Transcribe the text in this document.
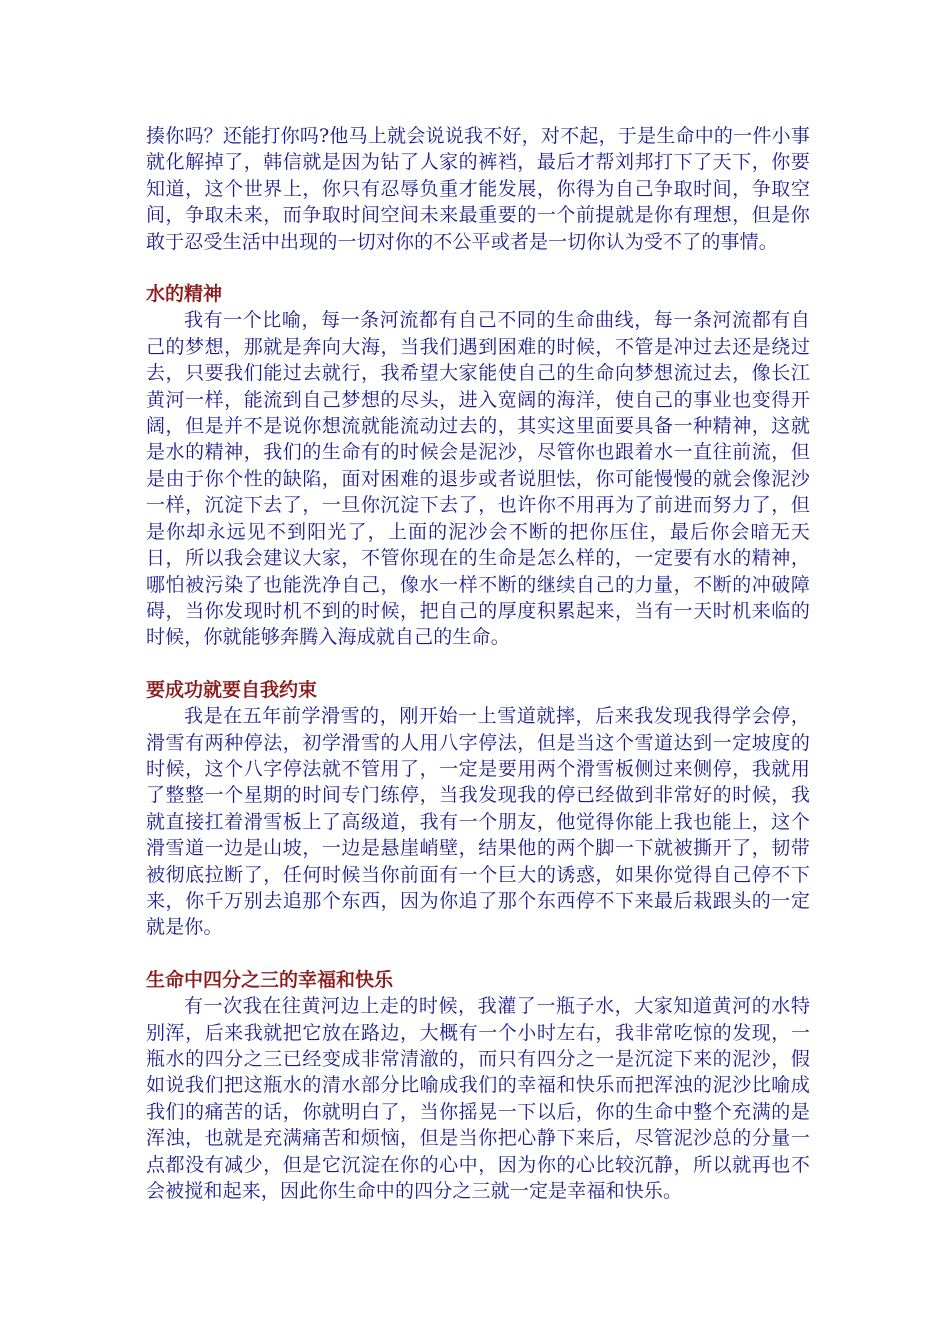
揍你吗？还能打你吗?他马上就会说说我不好，对不起，于是生命中的一件小事就化解掉了，韩信就是因为钻了人家的裤裆，最后才帮刘邦打下了天下，你要知道，这个世界上，你只有忍辱负重才能发展，你得为自己争取时间，争取空间，争取未来，而争取时间空间未来最重要的一个前提就是你有理想，但是你敢于忍受生活中出现的一切对你的不公平或者是一切你认为受不了的事情。

水的精神

我有一个比喻，每一条河流都有自己不同的生命曲线，每一条河流都有自己的梦想，那就是奔向大海，当我们遇到困难的时候，不管是冲过去还是绕过去，只要我们能过去就行，我希望大家能使自己的生命向梦想流过去，像长江黄河一样，能流到自己梦想的尽头，进入宽阔的海洋，使自己的事业也变得开阔，但是并不是说你想流就能流动过去的，其实这里面要具备一种精神，这就是水的精神，我们的生命有的时候会是泥沙，尽管你也跟着水一直往前流，但是由于你个性的缺陷，面对困难的退步或者说胆怯，你可能慢慢的就会像泥沙一样，沉淀下去了，一旦你沉淀下去了，也许你不用再为了前进而努力了，但是你却永远见不到阳光了，上面的泥沙会不断的把你压住，最后你会暗无天日，所以我会建议大家，不管你现在的生命是怎么样的，一定要有水的精神，哪怕被污染了也能洗净自己，像水一样不断的继续自己的力量，不断的冲破障碍，当你发现时机不到的时候，把自己的厚度积累起来，当有一天时机来临的时候，你就能够奔腾入海成就自己的生命。

要成功就要自我约束

我是在五年前学滑雪的，刚开始一上雪道就摔，后来我发现我得学会停，滑雪有两种停法，初学滑雪的人用八字停法，但是当这个雪道达到一定坡度的时候，这个八字停法就不管用了，一定是要用两个滑雪板侧过来侧停，我就用了整整一个星期的时间专门练停，当我发现我的停已经做到非常好的时候，我就直接扛着滑雪板上了高级道，我有一个朋友，他觉得你能上我也能上，这个滑雪道一边是山坡，一边是悬崖峭壁，结果他的两个脚一下就被撕开了，韧带被彻底拉断了，任何时候当你前面有一个巨大的诱惑，如果你觉得自己停不下来，你千万别去追那个东西，因为你追了那个东西停不下来最后栽跟头的一定就是你。

生命中四分之三的幸福和快乐

有一次我在往黄河边上走的时候，我灌了一瓶子水，大家知道黄河的水特别浑，后来我就把它放在路边，大概有一个小时左右，我非常吃惊的发现，一瓶水的四分之三已经变成非常清澈的，而只有四分之一是沉淀下来的泥沙，假如说我们把这瓶水的清水部分比喻成我们的幸福和快乐而把浑浊的泥沙比喻成我们的痛苦的话，你就明白了，当你摇晃一下以后，你的生命中整个充满的是浑浊，也就是充满痛苦和烦恼，但是当你把心静下来后，尽管泥沙总的分量一点都没有减少，但是它沉淀在你的心中，因为你的心比较沉静，所以就再也不会被搅和起来，因此你生命中的四分之三就一定是幸福和快乐。
